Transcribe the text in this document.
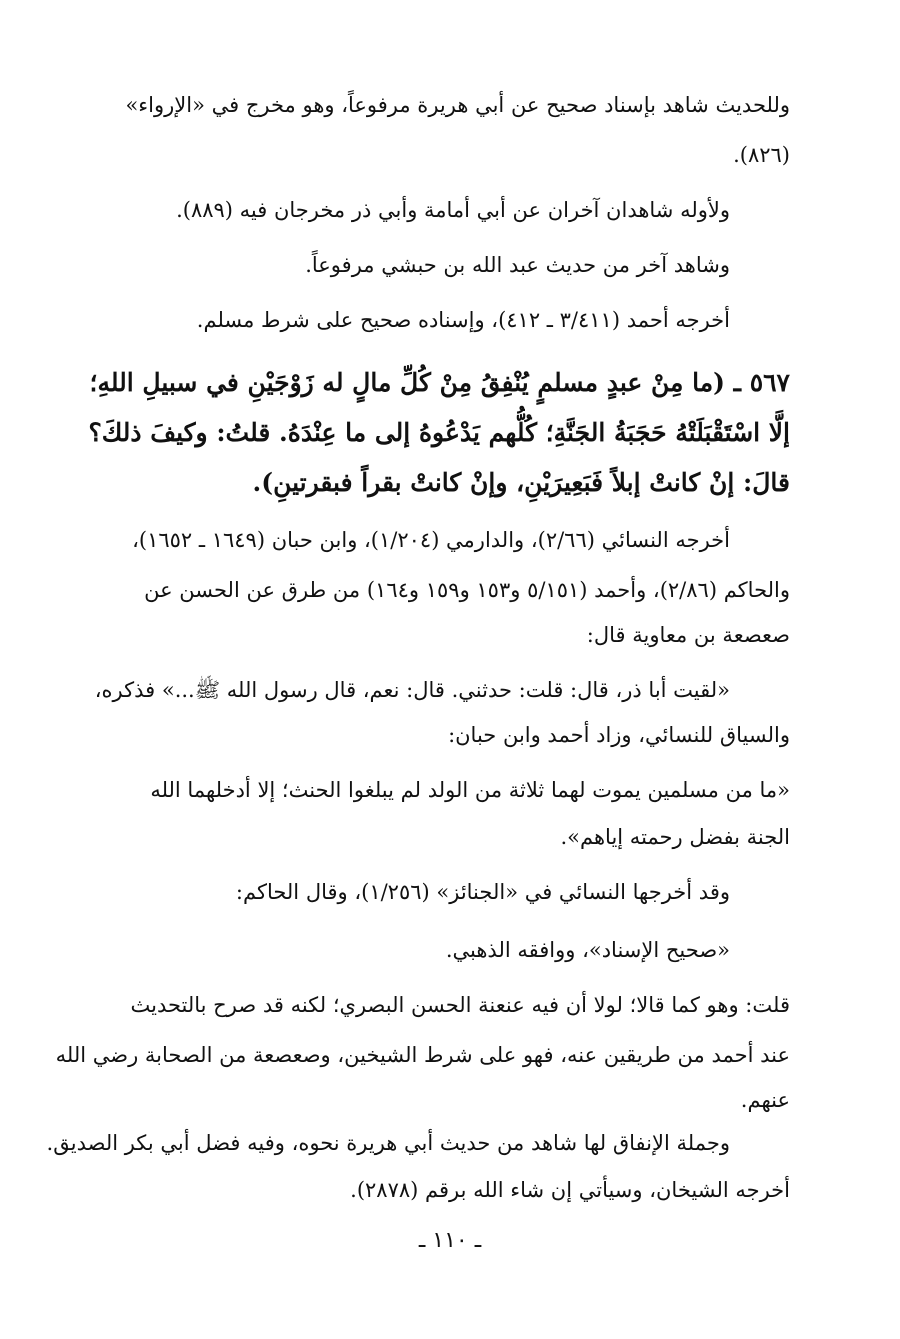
وللحديث شاهد بإسناد صحيح عن أبي هريرة مرفوعاً، وهو مخرج في «الإرواء»
(٨٢٦).
ولأوله شاهدان آخران عن أبي أمامة وأبي ذر مخرجان فيه (٨٨٩).
وشاهد آخر من حديث عبد الله بن حبشي مرفوعاً.
أخرجه أحمد (٣/٤١١ ـ ٤١٢)، وإسناده صحيح على شرط مسلم.
٥٦٧ ـ (ما مِنْ عبدٍ مسلمٍ يُنْفِقُ مِنْ كُلِّ مالٍ له زَوْجَيْنِ في سبيلِ اللهِ؛
إلَّا اسْتَقْبَلَتْهُ حَجَبَةُ الجَنَّةِ؛ كُلُّهم يَدْعُوهُ إلى ما عِنْدَهُ. قلتُ: وكيفَ ذلكَ؟
قالَ: إنْ كانتْ إبلاً فَبَعِيرَيْنِ، وإنْ كانتْ بقراً فبقرتينِ).
أخرجه النسائي (٢/٦٦)، والدارمي (١/٢٠٤)، وابن حبان (١٦٤٩ ـ ١٦٥٢)،
والحاكم (٢/٨٦)، وأحمد (٥/١٥١ و١٥٣ و١٥٩ و١٦٤) من طرق عن الحسن عن
صعصعة بن معاوية قال:
«لقيت أبا ذر، قال: قلت: حدثني. قال: نعم، قال رسول الله ﷺ...» فذكره،
والسياق للنسائي، وزاد أحمد وابن حبان:
«ما من مسلمين يموت لهما ثلاثة من الولد لم يبلغوا الحنث؛ إلا أدخلهما الله
الجنة بفضل رحمته إياهم».
وقد أخرجها النسائي في «الجنائز» (١/٢٥٦)، وقال الحاكم:
«صحيح الإسناد»، ووافقه الذهبي.
قلت: وهو كما قالا؛ لولا أن فيه عنعنة الحسن البصري؛ لكنه قد صرح بالتحديث
عند أحمد من طريقين عنه، فهو على شرط الشيخين، وصعصعة من الصحابة رضي الله
عنهم.
وجملة الإنفاق لها شاهد من حديث أبي هريرة نحوه، وفيه فضل أبي بكر الصديق.
أخرجه الشيخان، وسيأتي إن شاء الله برقم (٢٨٧٨).
ـ ١١٠ ـ
